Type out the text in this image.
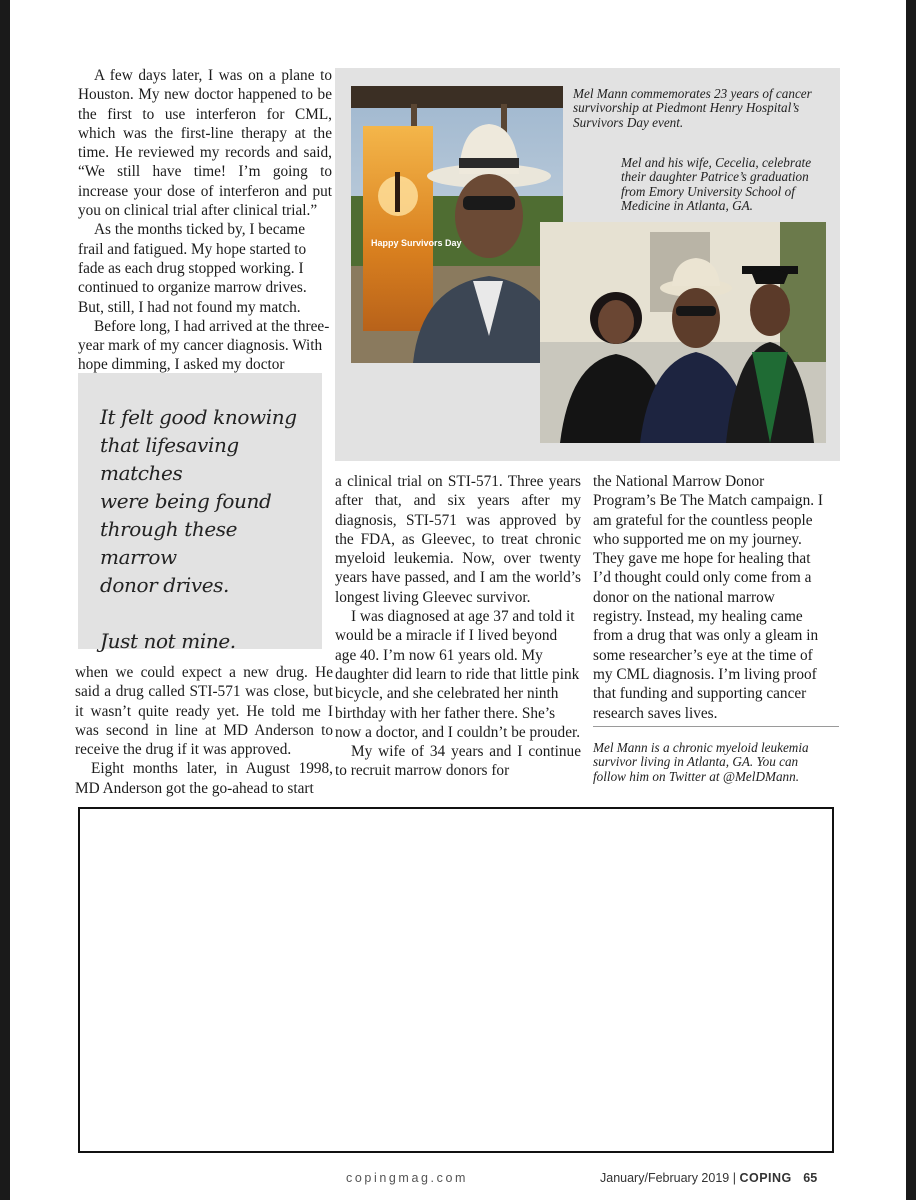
A few days later, I was on a plane to Houston. My new doctor happened to be the first to use interferon for CML, which was the first-line therapy at the time. He reviewed my records and said, “We still have time! I’m going to increase your dose of interferon and put you on clinical trial after clinical trial.”

As the months ticked by, I became frail and fatigued. My hope started to fade as each drug stopped working. I continued to organize marrow drives. But, still, I had not found my match.

Before long, I had arrived at the three-year mark of my cancer diagnosis. With hope dimming, I asked my doctor

It felt good knowing
that lifesaving matches
were being found
through these marrow
donor drives.
Just not mine.

when we could expect a new drug. He said a drug called STI-571 was close, but it wasn’t quite ready yet. He told me I was second in line at MD Anderson to receive the drug if it was approved.

Eight months later, in August 1998, MD Anderson got the go-ahead to start

Happy Survivors Day
Mel Mann commemorates 23 years of cancer survivorship at Piedmont Henry Hospital’s Survivors Day event.
Mel and his wife, Cecelia, celebrate their daughter Patrice’s graduation from Emory University School of Medicine in Atlanta, GA.

a clinical trial on STI-571. Three years after that, and six years after my diagnosis, STI-571 was approved by the FDA, as Gleevec, to treat chronic myeloid leukemia. Now, over twenty years have passed, and I am the world’s longest living Gleevec survivor.

I was diagnosed at age 37 and told it would be a miracle if I lived beyond age 40. I’m now 61 years old. My daughter did learn to ride that little pink bicycle, and she celebrated her ninth birthday with her father there. She’s now a doctor, and I couldn’t be prouder.

My wife of 34 years and I continue to recruit marrow donors for

the National Marrow Donor Program’s Be The Match campaign. I am grateful for the countless people who supported me on my journey. They gave me hope for healing that I’d thought could only come from a donor on the national marrow registry. Instead, my healing came from a drug that was only a gleam in some researcher’s eye at the time of my CML diagnosis. I’m living proof that funding and supporting cancer research saves lives.

Mel Mann is a chronic myeloid leukemia survivor living in Atlanta, GA. You can follow him on Twitter at @MelDMann.
copingmag.com	January/February 2019 | COPING 65
